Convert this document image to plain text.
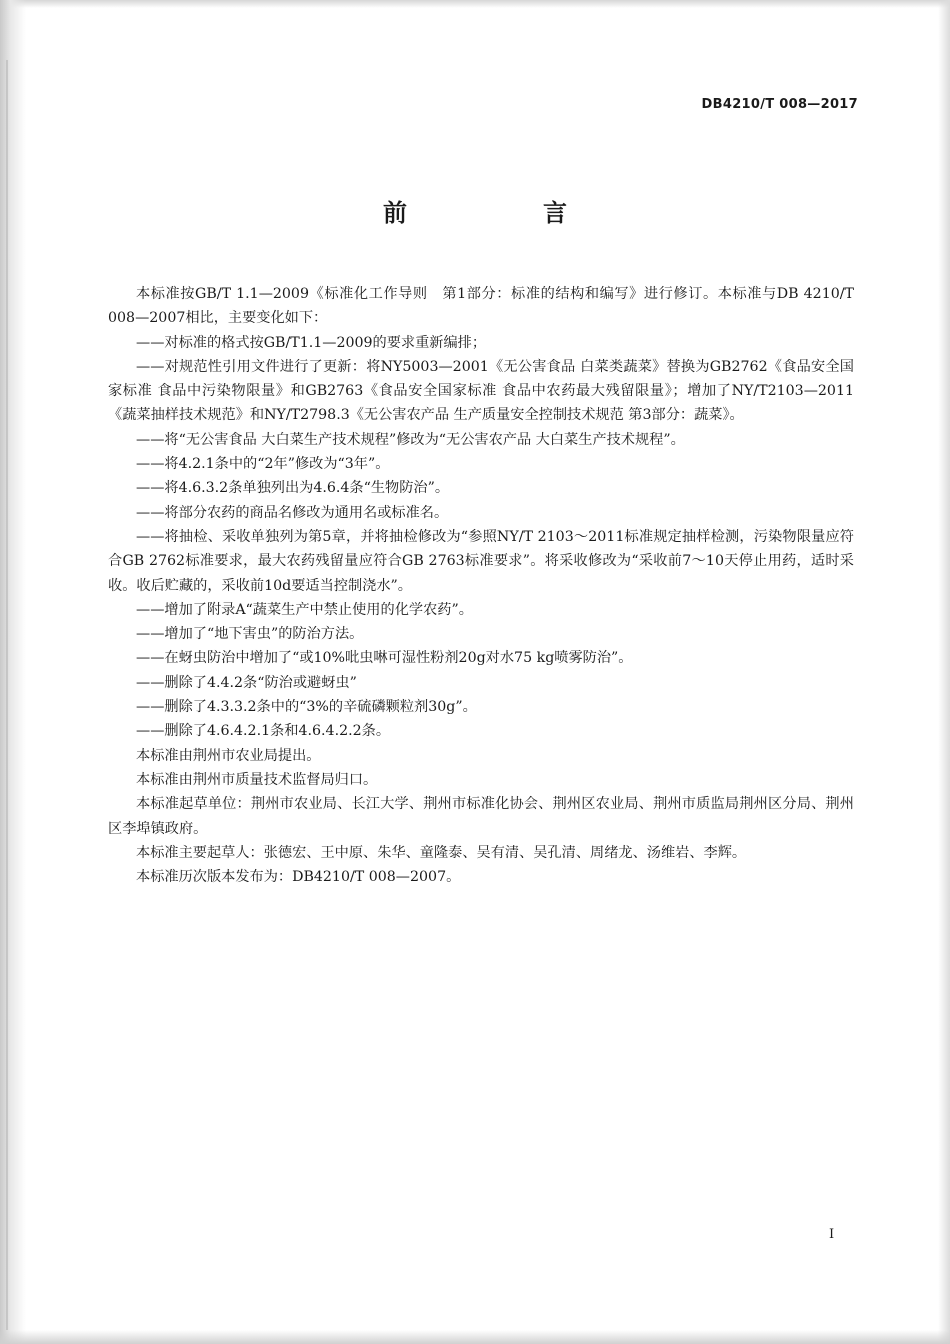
DB4210/T 008—2017
前　言

本标准按GB/T 1.1—2009《标准化工作导则　第1部分：标准的结构和编写》进行修订。本标准与DB 4210/T 008—2007相比，主要变化如下：

——对标准的格式按GB/T1.1—2009的要求重新编排；

——对规范性引用文件进行了更新：将NY5003—2001《无公害食品 白菜类蔬菜》替换为GB2762《食品安全国家标准 食品中污染物限量》和GB2763《食品安全国家标准 食品中农药最大残留限量》；增加了NY/T2103—2011《蔬菜抽样技术规范》和NY/T2798.3《无公害农产品 生产质量安全控制技术规范 第3部分：蔬菜》。

——将“无公害食品 大白菜生产技术规程”修改为“无公害农产品 大白菜生产技术规程”。

——将4.2.1条中的“2年”修改为“3年”。

——将4.6.3.2条单独列出为4.6.4条“生物防治”。

——将部分农药的商品名修改为通用名或标准名。

——将抽检、采收单独列为第5章，并将抽检修改为“参照NY/T 2103～2011标准规定抽样检测，污染物限量应符合GB 2762标准要求，最大农药残留量应符合GB 2763标准要求”。将采收修改为“采收前7～10天停止用药，适时采收。收后贮藏的，采收前10d要适当控制浇水”。

——增加了附录A“蔬菜生产中禁止使用的化学农药”。

——增加了“地下害虫”的防治方法。

——在蚜虫防治中增加了“或10%吡虫啉可湿性粉剂20g对水75 kg喷雾防治”。

——删除了4.4.2条“防治或避蚜虫”

——删除了4.3.3.2条中的“3%的辛硫磷颗粒剂30g”。

——删除了4.6.4.2.1条和4.6.4.2.2条。

本标准由荆州市农业局提出。

本标准由荆州市质量技术监督局归口。

本标准起草单位：荆州市农业局、长江大学、荆州市标准化协会、荆州区农业局、荆州市质监局荆州区分局、荆州区李埠镇政府。

本标准主要起草人：张德宏、王中原、朱华、童隆泰、吴有清、吴孔清、周绪龙、汤维岩、李辉。

本标准历次版本发布为：DB4210/T 008—2007。

I
